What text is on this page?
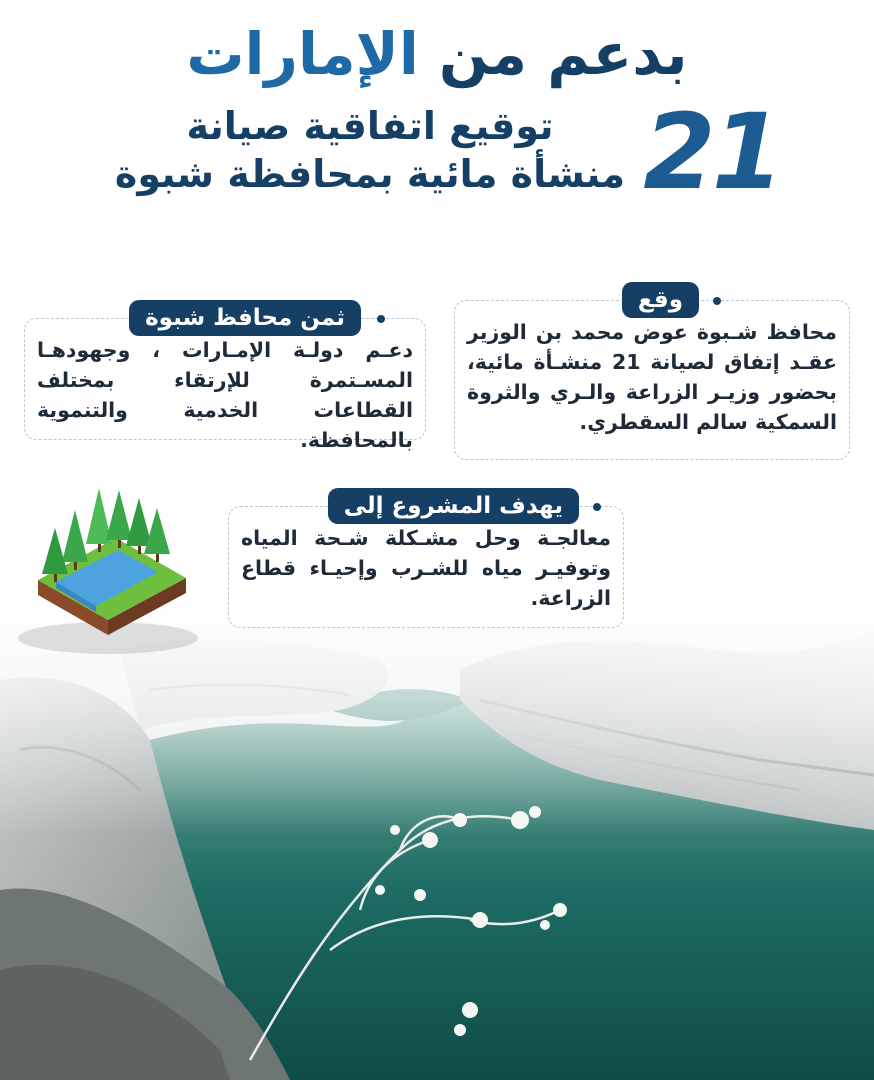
بدعم من الإمارات
21
توقيع اتفاقية صيانة
منشأة مائية بمحافظة شبوة
وقع
محافظ شـبوة عوض محمد بن الوزير عقـد إتفاق لصيانة 21 منشـأة مائية، بحضور وزيـر الزراعة والـري والثروة السمكية سالم السقطري.
ثمن محافظ شبوة
دعـم دولـة الإمـارات ، وجهودهـا المسـتمرة للإرتقاء بمختلف القطاعات الخدمية والتنموية بالمحافظة.
يهدف المشروع إلى
معالجـة وحل مشـكلة شـحة المياه وتوفيـر مياه للشـرب وإحيـاء قطاع الزراعة.
